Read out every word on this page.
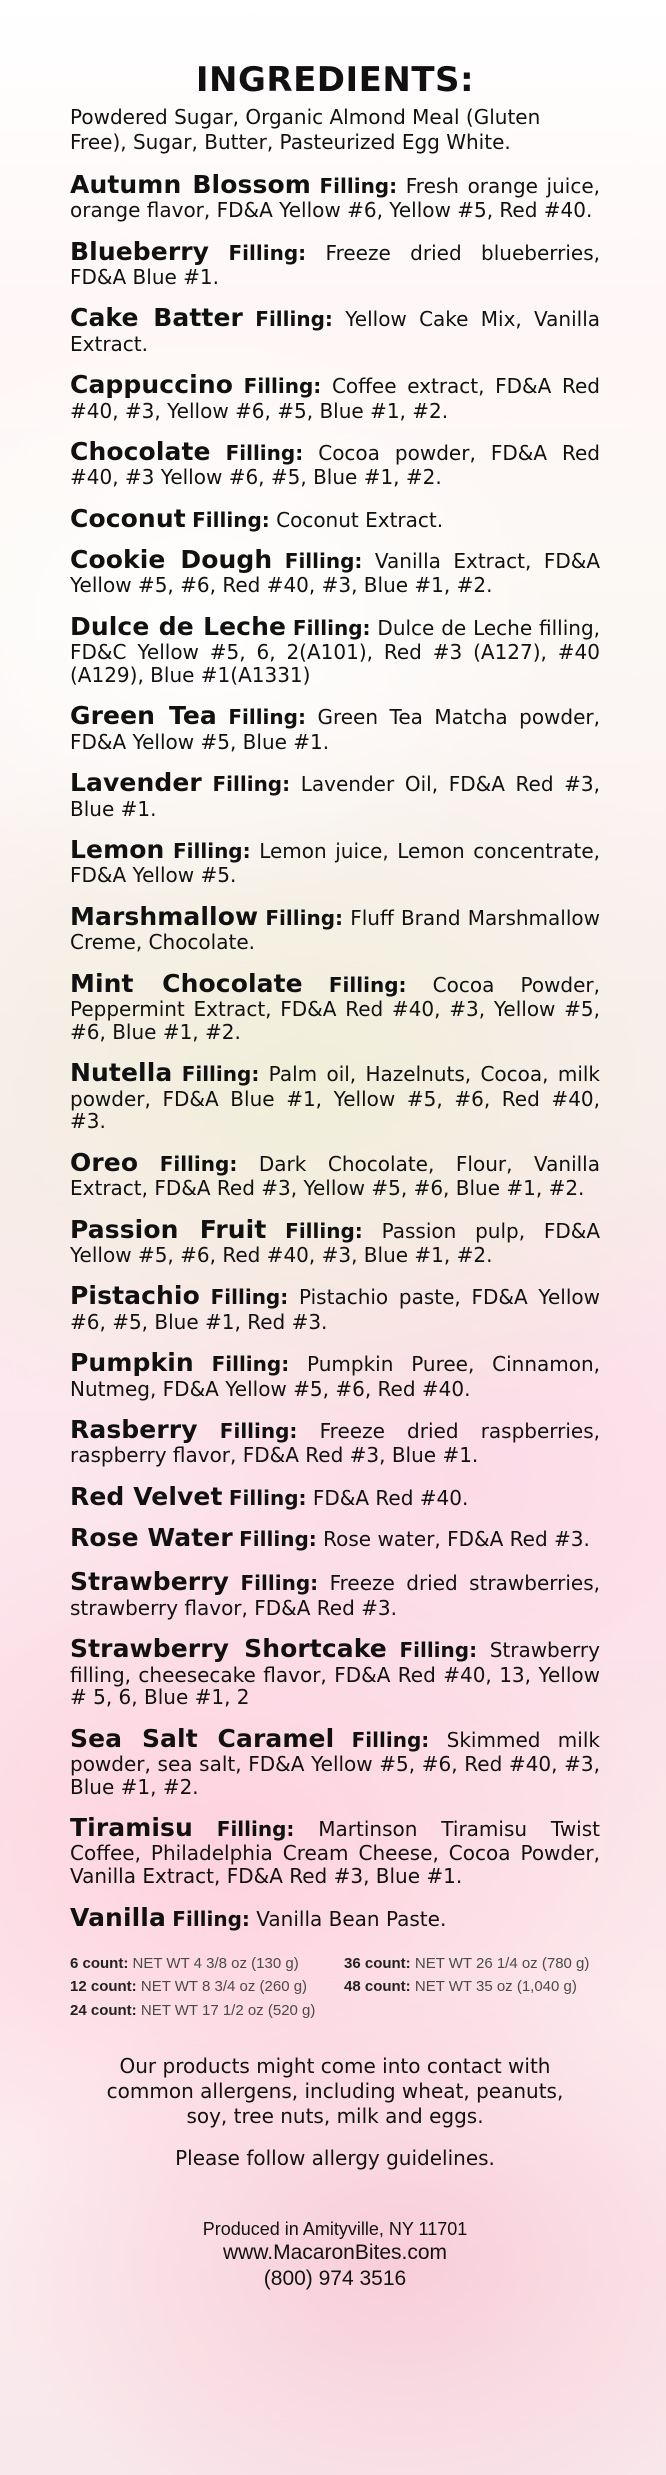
INGREDIENTS:
Powdered Sugar, Organic Almond Meal (Gluten Free), Sugar, Butter, Pasteurized Egg White.

Autumn Blossom Filling: Fresh orange juice, orange flavor, FD&A Yellow #6, Yellow #5, Red #40.

Blueberry Filling: Freeze dried blueberries, FD&A Blue #1.

Cake Batter Filling: Yellow Cake Mix, Vanilla Extract.

Cappuccino Filling: Coffee extract, FD&A Red #40, #3, Yellow #6, #5, Blue #1, #2.

Chocolate Filling: Cocoa powder, FD&A Red #40, #3 Yellow #6, #5, Blue #1, #2.

Coconut Filling: Coconut Extract.

Cookie Dough Filling: Vanilla Extract, FD&A Yellow #5, #6, Red #40, #3, Blue #1, #2.

Dulce de Leche Filling: Dulce de Leche filling, FD&C Yellow #5, 6, 2(A101), Red #3 (A127), #40 (A129), Blue #1(A1331)

Green Tea Filling: Green Tea Matcha powder, FD&A Yellow #5, Blue #1.

Lavender Filling: Lavender Oil, FD&A Red #3, Blue #1.

Lemon Filling: Lemon juice, Lemon concentrate, FD&A Yellow #5.

Marshmallow Filling: Fluff Brand Marshmallow Creme, Chocolate.

Mint Chocolate Filling: Cocoa Powder, Peppermint Extract, FD&A Red #40, #3, Yellow #5, #6, Blue #1, #2.

Nutella Filling: Palm oil, Hazelnuts, Cocoa, milk powder, FD&A Blue #1, Yellow #5, #6, Red #40, #3.

Oreo Filling: Dark Chocolate, Flour, Vanilla Extract, FD&A Red #3, Yellow #5, #6, Blue #1, #2.

Passion Fruit Filling: Passion pulp, FD&A Yellow #5, #6, Red #40, #3, Blue #1, #2.

Pistachio Filling: Pistachio paste, FD&A Yellow #6, #5, Blue #1, Red #3.

Pumpkin Filling: Pumpkin Puree, Cinnamon, Nutmeg, FD&A Yellow #5, #6, Red #40.

Rasberry Filling: Freeze dried raspberries, raspberry flavor, FD&A Red #3, Blue #1.

Red Velvet Filling: FD&A Red #40.

Rose Water Filling: Rose water, FD&A Red #3.

Strawberry Filling: Freeze dried strawberries, strawberry flavor, FD&A Red #3.

Strawberry Shortcake Filling: Strawberry filling, cheesecake flavor, FD&A Red #40, 13, Yellow # 5, 6, Blue #1, 2

Sea Salt Caramel Filling: Skimmed milk powder, sea salt, FD&A Yellow #5, #6, Red #40, #3, Blue #1, #2.

Tiramisu Filling: Martinson Tiramisu Twist Coffee, Philadelphia Cream Cheese, Cocoa Powder, Vanilla Extract, FD&A Red #3, Blue #1.

Vanilla Filling: Vanilla Bean Paste.

6 count: NET WT 4 3/8 oz (130 g)	36 count: NET WT 26 1/4 oz (780 g)
12 count: NET WT 8 3/4 oz (260 g)	48 count: NET WT 35 oz (1,040 g)
24 count: NET WT 17 1/2 oz (520 g)
Our products might come into contact with common allergens, including wheat, peanuts, soy, tree nuts, milk and eggs.
Please follow allergy guidelines.
Produced in Amityville, NY 11701
www.MacaronBites.com
(800) 974 3516
